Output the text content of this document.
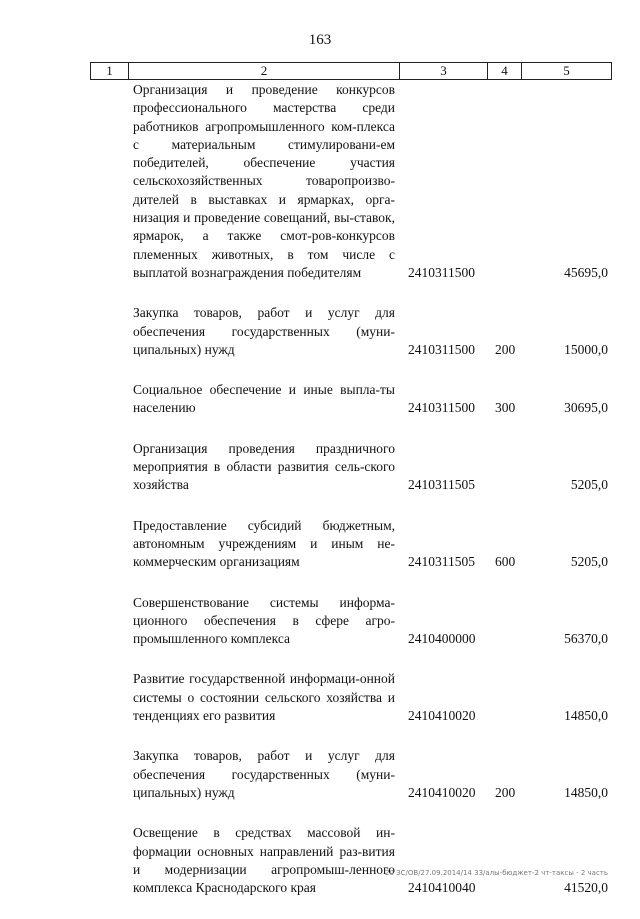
163
1	2	3	4	5
Организация и проведение конкурсов профессионального мастерства среди работников агропромышленного ком-плекса с материальным стимулировани-ем победителей, обеспечение участия сельскохозяйственных товаропроизво-дителей в выставках и ярмарках, орга-низация и проведение совещаний, вы-ставок, ярмарок, а также смот-ров-конкурсов племенных животных, в том числе с выплатой вознаграждения победителям	2410311500	45695,0
Закупка товаров, работ и услуг для обеспечения государственных (муни-ципальных) нужд	2410311500 200	15000,0
Социальное обеспечение и иные выпла-ты населению	2410311500 300	30695,0
Организация проведения праздничного мероприятия в области развития сель-ского хозяйства	2410311505	5205,0
Предоставление субсидий бюджетным, автономным учреждениям и иным не-коммерческим организациям	2410311505 600	5205,0
Совершенствование системы информа-ционного обеспечения в сфере агро-промышленного комплекса	2410400000	56370,0
Развитие государственной информаци-онной системы о состоянии сельского хозяйства и тенденциях его развития	2410410020	14850,0
Закупка товаров, работ и услуг для обеспечения государственных (муни-ципальных) нужд	2410410020 200	14850,0
Освещение в средствах массовой ин-формации основных направлений раз-вития и модернизации агропромыш-ленного комплекса Краснодарского края	2410410040	41520,0
20 ЗС/ОВ/27.09.2014/14 33/алы-бюджет-2 чт-таксы - 2 часть
